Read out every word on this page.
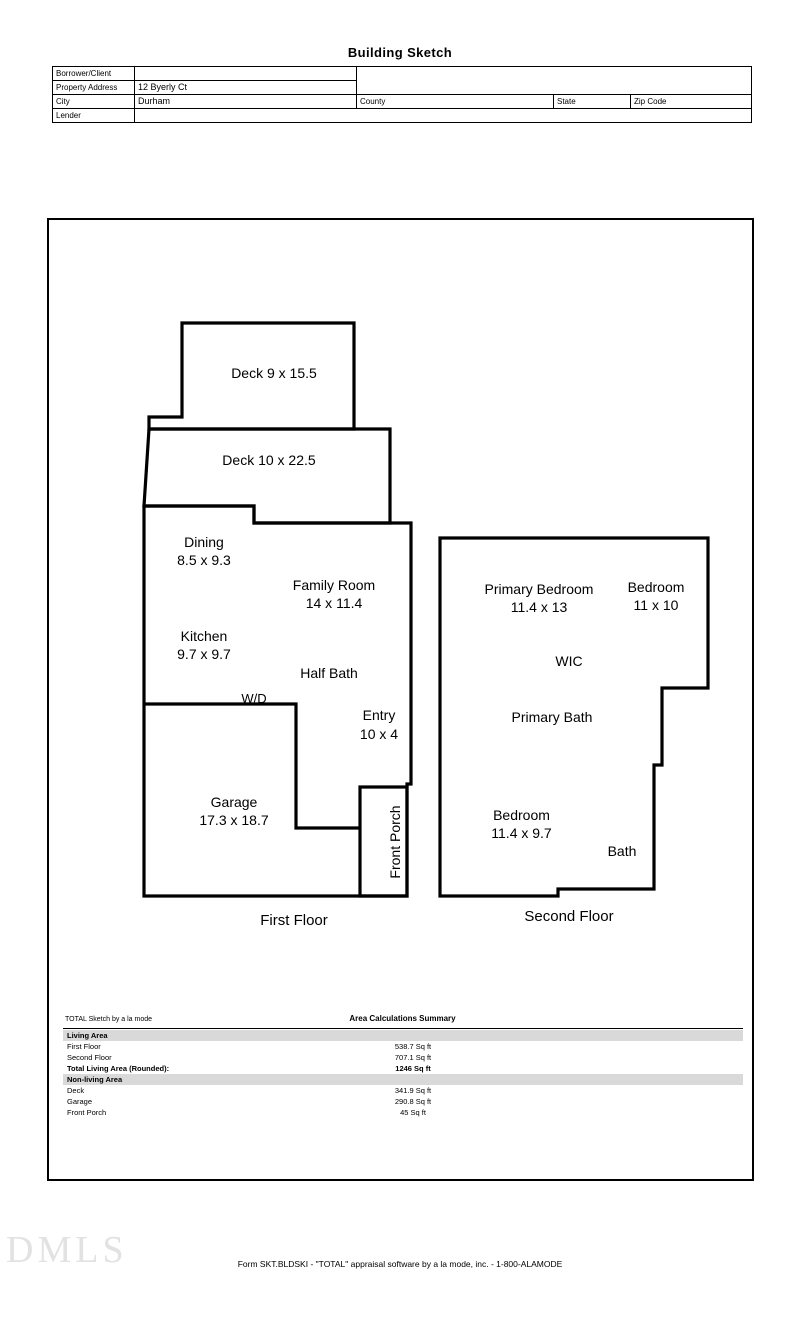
Building Sketch
Borrower/Client				
Property Address	12 Byerly Ct			
City	Durham	County	State	Zip Code
Lender				
Deck 9 x 15.5
Deck 10 x 22.5
Dining
8.5 x 9.3
Family Room
14 x 11.4
Kitchen
9.7 x 9.7
Half Bath
W/D
Entry
10 x 4
Garage
17.3 x 18.7	Front Porch
First Floor
Primary Bedroom
11.4 x 13
Bedroom
11 x 10
WIC
Primary Bath
Bedroom
11.4 x 9.7
Bath
Second Floor
TOTAL Sketch by a la mode	Area Calculations Summary
Living Area
First Floor	538.7 Sq ft
Second Floor	707.1 Sq ft
Total Living Area (Rounded):	1246 Sq ft
Non-living Area
Deck	341.9 Sq ft
Garage	290.8 Sq ft
Front Porch	45 Sq ft
DMLS	Form SKT.BLDSKI - "TOTAL" appraisal software by a la mode, inc. - 1-800-ALAMODE
